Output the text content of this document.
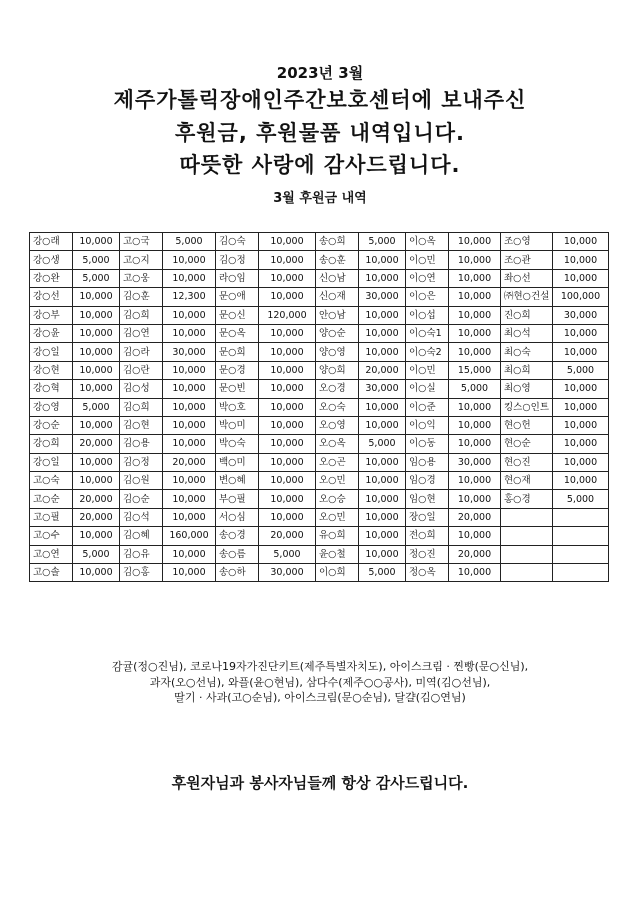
2023년 3월
제주가톨릭장애인주간보호센터에 보내주신
후원금, 후원물품 내역입니다.
따뜻한 사랑에 감사드립니다.
3월 후원금 내역
강○래	10,000	고○국	5,000	김○숙	10,000	송○희	5,000	이○옥	10,000	조○영	10,000
강○생	5,000	고○지	10,000	김○정	10,000	송○훈	10,000	이○민	10,000	조○관	10,000
강○완	5,000	고○웅	10,000	라○임	10,000	신○남	10,000	이○연	10,000	좌○선	10,000
강○선	10,000	김○훈	12,300	문○애	10,000	신○재	30,000	이○은	10,000	㈜현○건설	100,000
강○부	10,000	김○희	10,000	문○신	120,000	안○남	10,000	이○섭	10,000	진○희	30,000
강○윤	10,000	김○연	10,000	문○옥	10,000	양○순	10,000	이○숙1	10,000	최○석	10,000
강○일	10,000	김○라	30,000	문○희	10,000	양○영	10,000	이○숙2	10,000	최○숙	10,000
강○현	10,000	김○란	10,000	문○경	10,000	양○희	20,000	이○민	15,000	최○희	5,000
강○혁	10,000	김○성	10,000	문○빈	10,000	오○경	30,000	이○실	5,000	최○영	10,000
강○영	5,000	김○희	10,000	박○호	10,000	오○숙	10,000	이○준	10,000	킹스○인트	10,000
강○순	10,000	김○현	10,000	박○미	10,000	오○영	10,000	이○익	10,000	현○헌	10,000
강○희	20,000	김○용	10,000	박○숙	10,000	오○옥	5,000	이○동	10,000	현○순	10,000
강○일	10,000	김○정	20,000	백○미	10,000	오○곤	10,000	임○용	30,000	현○진	10,000
고○숙	10,000	김○원	10,000	변○혜	10,000	오○민	10,000	임○경	10,000	현○재	10,000
고○순	20,000	김○순	10,000	부○필	10,000	오○승	10,000	임○현	10,000	홍○경	5,000
고○필	20,000	김○석	10,000	서○심	10,000	오○민	10,000	장○일	20,000		
고○수	10,000	김○혜	160,000	송○경	20,000	유○희	10,000	전○희	10,000		
고○연	5,000	김○유	10,000	송○름	5,000	윤○철	10,000	정○진	20,000		
고○솔	10,000	김○홍	10,000	송○하	30,000	이○희	5,000	정○옥	10,000		
감귤(정○진님), 코로나19자가진단키트(제주특별자치도), 아이스크림 · 찐빵(문○신님),
과자(오○선님), 와플(윤○현님), 삼다수(제주○○공사), 미역(김○선님),
딸기 · 사과(고○순님), 아이스크림(문○순님), 달걀(김○연님)
후원자님과 봉사자님들께 항상 감사드립니다.
